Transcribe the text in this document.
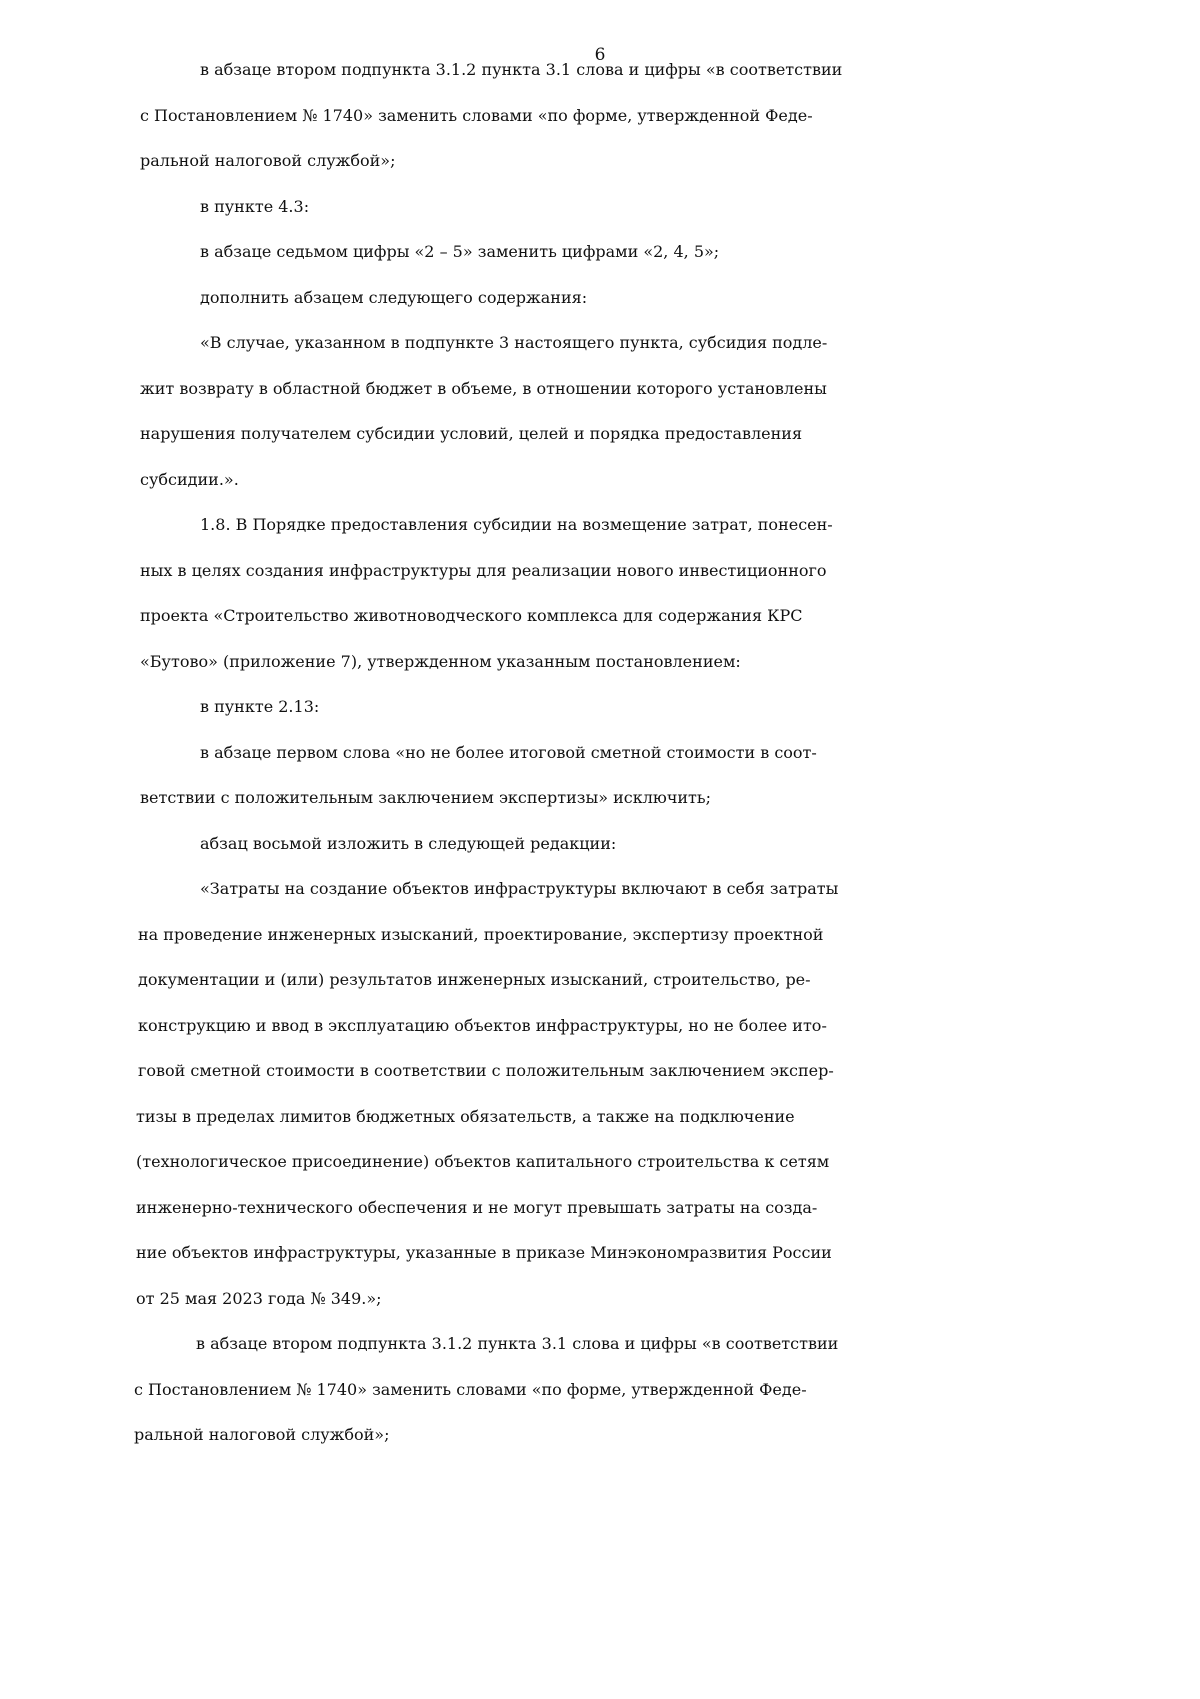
6
в абзаце втором подпункта 3.1.2 пункта 3.1 слова и цифры «в соответствии
с Постановлением № 1740» заменить словами «по форме, утвержденной Феде-
ральной налоговой службой»;
в пункте 4.3:
в абзаце седьмом цифры «2 – 5» заменить цифрами «2, 4, 5»;
дополнить абзацем следующего содержания:
«В случае, указанном в подпункте 3 настоящего пункта, субсидия подле-
жит возврату в областной бюджет в объеме, в отношении которого установлены
нарушения получателем субсидии условий, целей и порядка предоставления
субсидии.».
1.8. В Порядке предоставления субсидии на возмещение затрат, понесен-
ных в целях создания инфраструктуры для реализации нового инвестиционного
проекта «Строительство животноводческого комплекса для содержания КРС
«Бутово» (приложение 7), утвержденном указанным постановлением:
в пункте 2.13:
в абзаце первом слова «но не более итоговой сметной стоимости в соот-
ветствии с положительным заключением экспертизы» исключить;
абзац восьмой изложить в следующей редакции:
«Затраты на создание объектов инфраструктуры включают в себя затраты
на проведение инженерных изысканий, проектирование, экспертизу проектной
документации и (или) результатов инженерных изысканий, строительство, ре-
конструкцию и ввод в эксплуатацию объектов инфраструктуры, но не более ито-
говой сметной стоимости в соответствии с положительным заключением экспер-
тизы в пределах лимитов бюджетных обязательств, а также на подключение
(технологическое присоединение) объектов капитального строительства к сетям
инженерно-технического обеспечения и не могут превышать затраты на созда-
ние объектов инфраструктуры, указанные в приказе Минэкономразвития России
от 25 мая 2023 года № 349.»;
в абзаце втором подпункта 3.1.2 пункта 3.1 слова и цифры «в соответствии
с Постановлением № 1740» заменить словами «по форме, утвержденной Феде-
ральной налоговой службой»;
